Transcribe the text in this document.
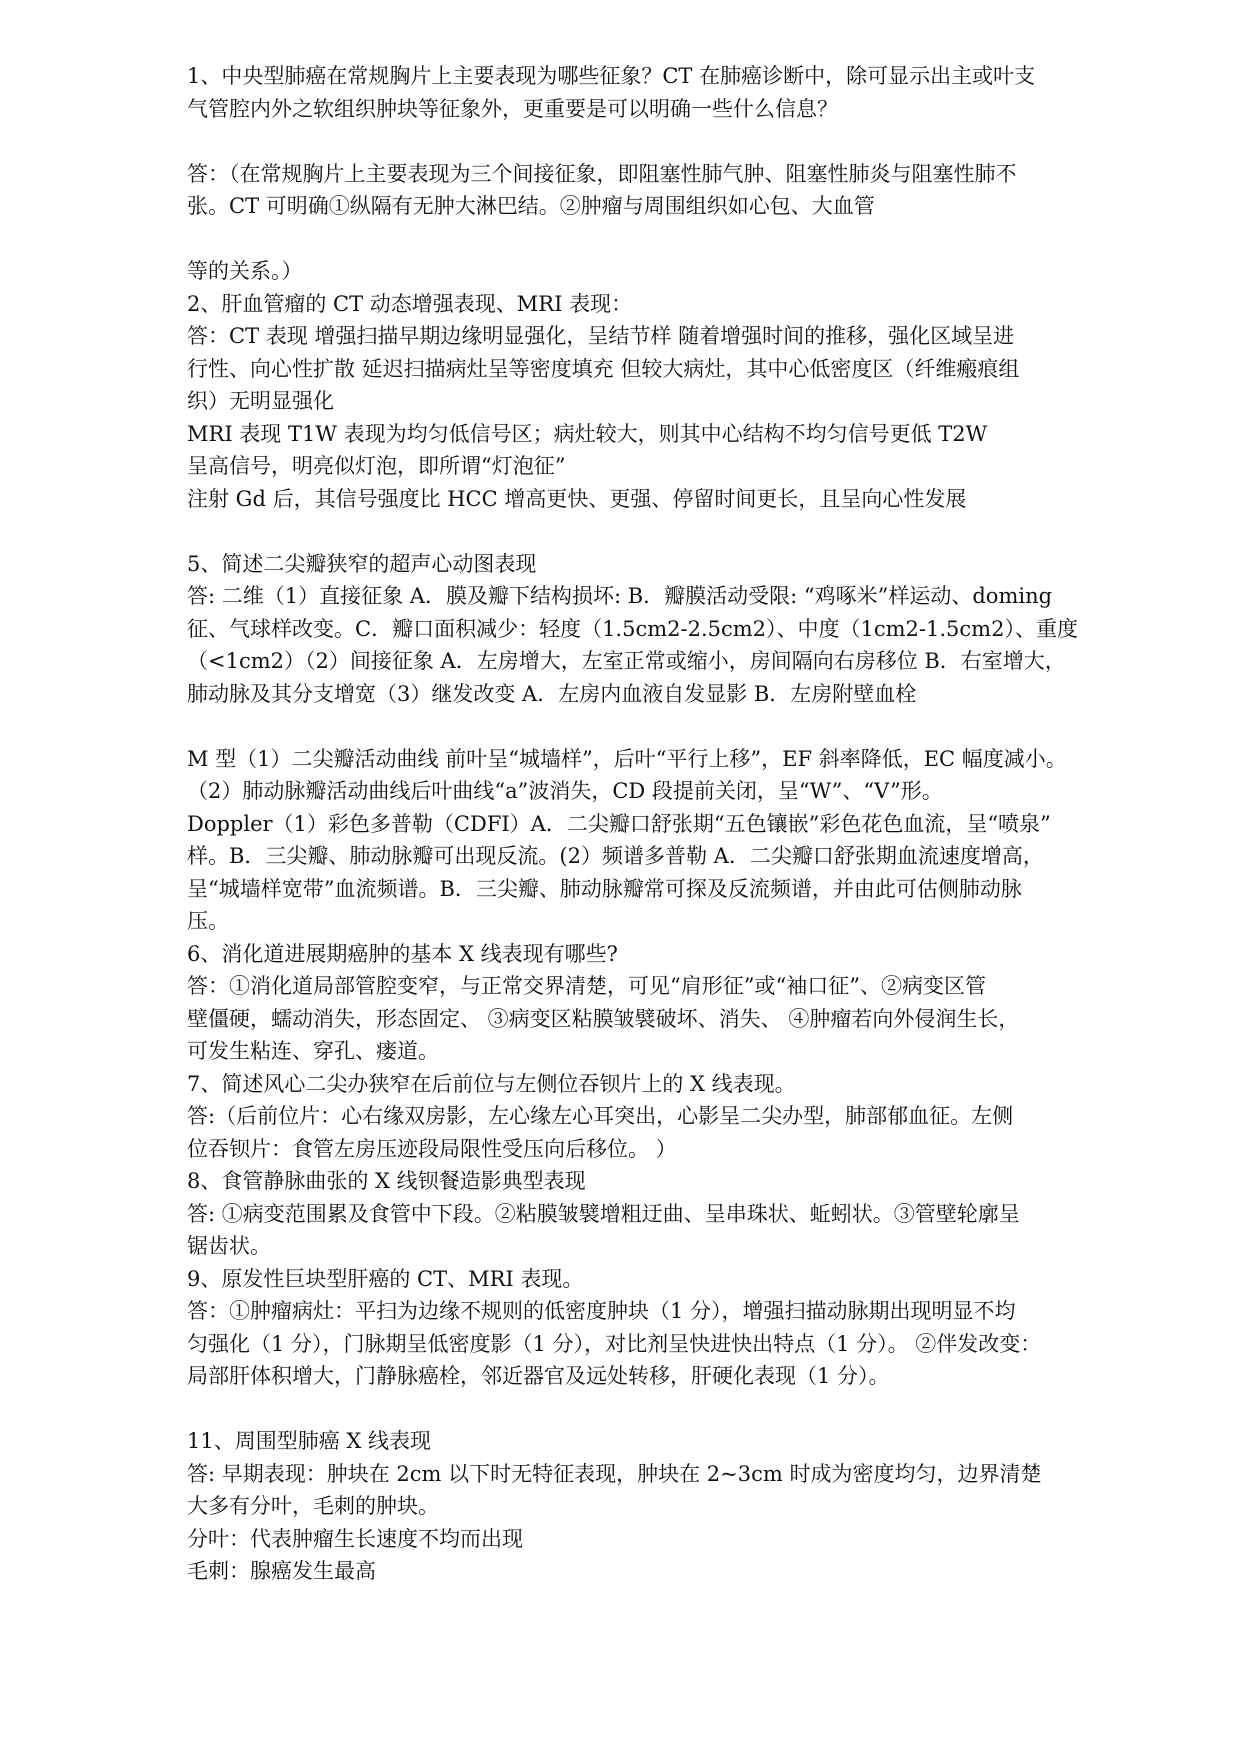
1、中央型肺癌在常规胸片上主要表现为哪些征象？CT 在肺癌诊断中，除可显示出主或叶支
气管腔内外之软组织肿块等征象外，更重要是可以明确一些什么信息？
答：（在常规胸片上主要表现为三个间接征象，即阻塞性肺气肿、阻塞性肺炎与阻塞性肺不
张。CT 可明确①纵隔有无肿大淋巴结。②肿瘤与周围组织如心包、大血管
等的关系。）
2、肝血管瘤的 CT 动态增强表现、MRI 表现：
答：CT 表现 增强扫描早期边缘明显强化，呈结节样 随着增强时间的推移，强化区域呈进
行性、向心性扩散 延迟扫描病灶呈等密度填充 但较大病灶，其中心低密度区（纤维瘢痕组
织）无明显强化
MRI 表现 T1W 表现为均匀低信号区；病灶较大，则其中心结构不均匀信号更低 T2W
呈高信号，明亮似灯泡，即所谓“灯泡征”
注射 Gd 后，其信号强度比 HCC 增高更快、更强、停留时间更长，且呈向心性发展
5、简述二尖瓣狭窄的超声心动图表现
答: 二维（1）直接征象 A．膜及瓣下结构损坏: B．瓣膜活动受限: “鸡啄米”样运动、doming
征、气球样改变。C．瓣口面积减少：轻度（1.5cm2-2.5cm2）、中度（1cm2-1.5cm2）、重度
（<1cm2）（2）间接征象 A．左房增大，左室正常或缩小，房间隔向右房移位 B．右室增大，
肺动脉及其分支增宽（3）继发改变 A．左房内血液自发显影 B．左房附壁血栓
M 型（1）二尖瓣活动曲线 前叶呈“城墙样”，后叶“平行上移”，EF 斜率降低，EC 幅度减小。
（2）肺动脉瓣活动曲线后叶曲线“a”波消失，CD 段提前关闭，呈“W”、“V”形。
Doppler（1）彩色多普勒（CDFI）A．二尖瓣口舒张期“五色镶嵌”彩色花色血流，呈“喷泉”
样。B．三尖瓣、肺动脉瓣可出现反流。(2）频谱多普勒 A．二尖瓣口舒张期血流速度增高，
呈“城墙样宽带”血流频谱。B．三尖瓣、肺动脉瓣常可探及反流频谱，并由此可估侧肺动脉
压。
6、消化道进展期癌肿的基本 X 线表现有哪些?
答：①消化道局部管腔变窄，与正常交界清楚，可见“肩形征”或“袖口征”、②病变区管
壁僵硬，蠕动消失，形态固定、 ③病变区粘膜皱襞破坏、消失、 ④肿瘤若向外侵润生长，
可发生粘连、穿孔、瘘道。
7、简述风心二尖办狭窄在后前位与左侧位吞钡片上的 X 线表现。
答:（后前位片：心右缘双房影，左心缘左心耳突出，心影呈二尖办型，肺部郁血征。左侧
位吞钡片：食管左房压迹段局限性受压向后移位。 ）
8、食管静脉曲张的 X 线钡餐造影典型表现
答: ①病变范围累及食管中下段。②粘膜皱襞增粗迂曲、呈串珠状、蚯蚓状。③管壁轮廓呈
锯齿状。
9、原发性巨块型肝癌的 CT、MRI 表现。
答：①肿瘤病灶：平扫为边缘不规则的低密度肿块（1 分），增强扫描动脉期出现明显不均
匀强化（1 分），门脉期呈低密度影（1 分），对比剂呈快进快出特点（1 分）。 ②伴发改变：
局部肝体积增大，门静脉癌栓，邻近器官及远处转移，肝硬化表现（1 分）。
11、周围型肺癌 X 线表现
答: 早期表现：肿块在 2cm 以下时无特征表现，肿块在 2~3cm 时成为密度均匀，边界清楚
大多有分叶，毛刺的肿块。
分叶：代表肿瘤生长速度不均而出现
毛刺：腺癌发生最高
